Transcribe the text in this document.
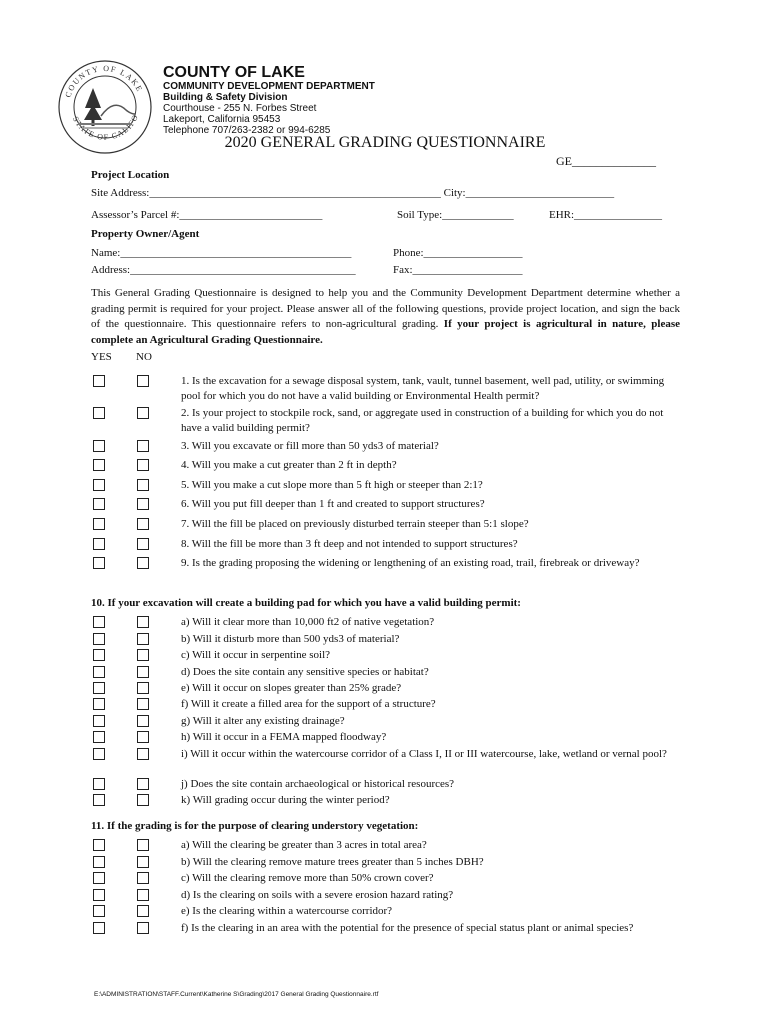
COUNTY OF LAKE
STATE OF CALIFO
COUNTY OF LAKE
COMMUNITY DEVELOPMENT DEPARTMENT
Building & Safety Division
Courthouse - 255 N. Forbes Street
Lakeport, California 95453
Telephone 707/263-2382 or 994-6285
2020 GENERAL GRADING QUESTIONNAIRE
GE______________
Project Location
Site Address:_____________________________________________________ City:___________________________
Assessor’s Parcel #:__________________________	Soil Type:_____________	EHR:________________
Property Owner/Agent
Name:__________________________________________	Phone:__________________
Address:_________________________________________	Fax:____________________
This General Grading Questionnaire is designed to help you and the Community Development Department determine whether a grading permit is required for your project. Please answer all of the following questions, provide project location, and sign the back of the questionnaire. This questionnaire refers to non-agricultural grading. If your project is agricultural in nature, please complete an Agricultural Grading Questionnaire.
YES NO
1. Is the excavation for a sewage disposal system, tank, vault, tunnel basement, well pad, utility, or swimming pool for which you do not have a valid building or Environmental Health permit?
2. Is your project to stockpile rock, sand, or aggregate used in construction of a building for which you do not have a valid building permit?
3. Will you excavate or fill more than 50 yds3 of material?
4. Will you make a cut greater than 2 ft in depth?
5. Will you make a cut slope more than 5 ft high or steeper than 2:1?
6. Will you put fill deeper than 1 ft and created to support structures?
7. Will the fill be placed on previously disturbed terrain steeper than 5:1 slope?
8. Will the fill be more than 3 ft deep and not intended to support structures?
9. Is the grading proposing the widening or lengthening of an existing road, trail, firebreak or driveway?
10. If your excavation will create a building pad for which you have a valid building permit:
a) Will it clear more than 10,000 ft2 of native vegetation?
b) Will it disturb more than 500 yds3 of material?
c) Will it occur in serpentine soil?
d) Does the site contain any sensitive species or habitat?
e) Will it occur on slopes greater than 25% grade?
f) Will it create a filled area for the support of a structure?
g) Will it alter any existing drainage?
h) Will it occur in a FEMA mapped floodway?
i) Will it occur within the watercourse corridor of a Class I, II or III watercourse, lake, wetland or vernal pool?
j) Does the site contain archaeological or historical resources?
k) Will grading occur during the winter period?
11. If the grading is for the purpose of clearing understory vegetation:
a) Will the clearing be greater than 3 acres in total area?
b) Will the clearing remove mature trees greater than 5 inches DBH?
c) Will the clearing remove more than 50% crown cover?
d) Is the clearing on soils with a severe erosion hazard rating?
e) Is the clearing within a watercourse corridor?
f) Is the clearing in an area with the potential for the presence of special status plant or animal species?
E:\ADMINISTRATION\STAFF.Current\Katherine S\Grading\2017 General Grading Questionnaire.rtf
